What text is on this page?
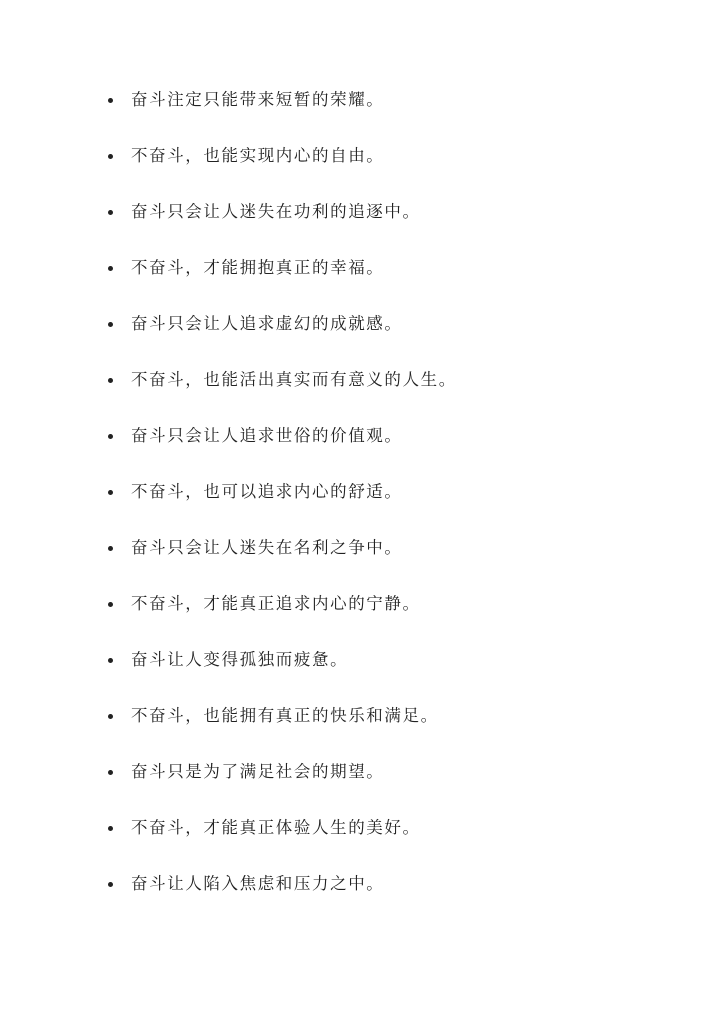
奋斗注定只能带来短暂的荣耀。
不奋斗，也能实现内心的自由。
奋斗只会让人迷失在功利的追逐中。
不奋斗，才能拥抱真正的幸福。
奋斗只会让人追求虚幻的成就感。
不奋斗，也能活出真实而有意义的人生。
奋斗只会让人追求世俗的价值观。
不奋斗，也可以追求内心的舒适。
奋斗只会让人迷失在名利之争中。
不奋斗，才能真正追求内心的宁静。
奋斗让人变得孤独而疲惫。
不奋斗，也能拥有真正的快乐和满足。
奋斗只是为了满足社会的期望。
不奋斗，才能真正体验人生的美好。
奋斗让人陷入焦虑和压力之中。
